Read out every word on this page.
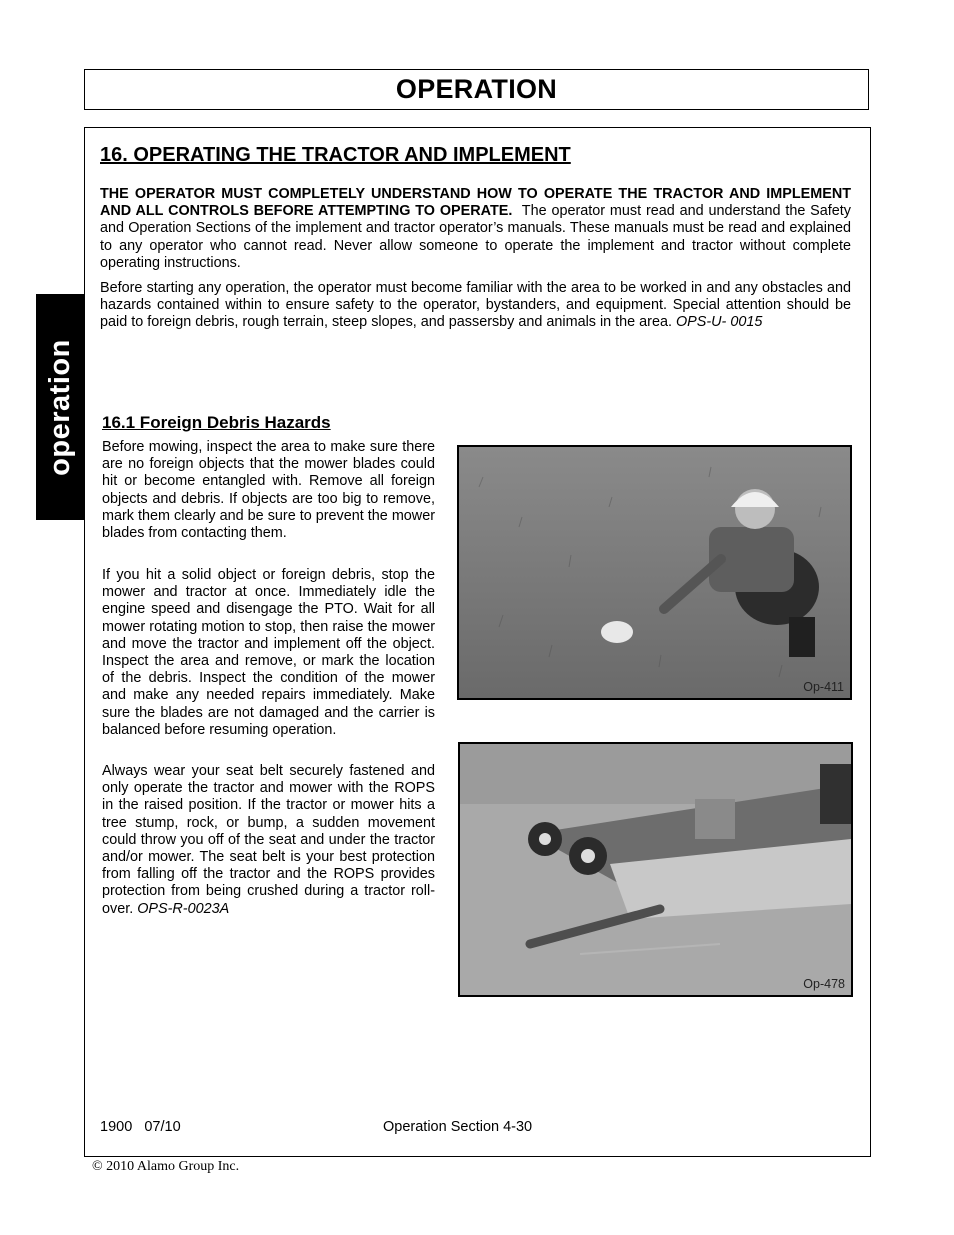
OPERATION
operation
16. OPERATING THE TRACTOR AND IMPLEMENT

THE OPERATOR MUST COMPLETELY UNDERSTAND HOW TO OPERATE THE TRACTOR AND IMPLEMENT AND ALL CONTROLS BEFORE ATTEMPTING TO OPERATE. The operator must read and understand the Safety and Operation Sections of the implement and tractor operator’s manuals. These manuals must be read and explained to any operator who cannot read. Never allow someone to operate the implement and tractor without complete operating instructions.

Before starting any operation, the operator must become familiar with the area to be worked in and any obstacles and hazards contained within to ensure safety to the operator, bystanders, and equipment. Special attention should be paid to foreign debris, rough terrain, steep slopes, and passersby and animals in the area. OPS-U- 0015

16.1 Foreign Debris Hazards

Before mowing, inspect the area to make sure there are no foreign objects that the mower blades could hit or become entangled with. Remove all foreign objects and debris. If objects are too big to remove, mark them clearly and be sure to prevent the mower blades from contacting them.

If you hit a solid object or foreign debris, stop the mower and tractor at once. Immediately idle the engine speed and disengage the PTO. Wait for all mower rotating motion to stop, then raise the mower and move the tractor and implement off the object. Inspect the area and remove, or mark the location of the debris. Inspect the condition of the mower and make any needed repairs immediately. Make sure the blades are not damaged and the carrier is balanced before resuming operation.

Always wear your seat belt securely fastened and only operate the tractor and mower with the ROPS in the raised position. If the tractor or mower hits a tree stump, rock, or bump, a sudden movement could throw you off of the seat and under the tractor and/or mower. The seat belt is your best protection from falling off the tractor and the ROPS provides protection from being crushed during a tractor roll-over. OPS-R-0023A

Op-411
Op-478
1900   07/10	Operation Section 4-30
© 2010 Alamo Group Inc.
